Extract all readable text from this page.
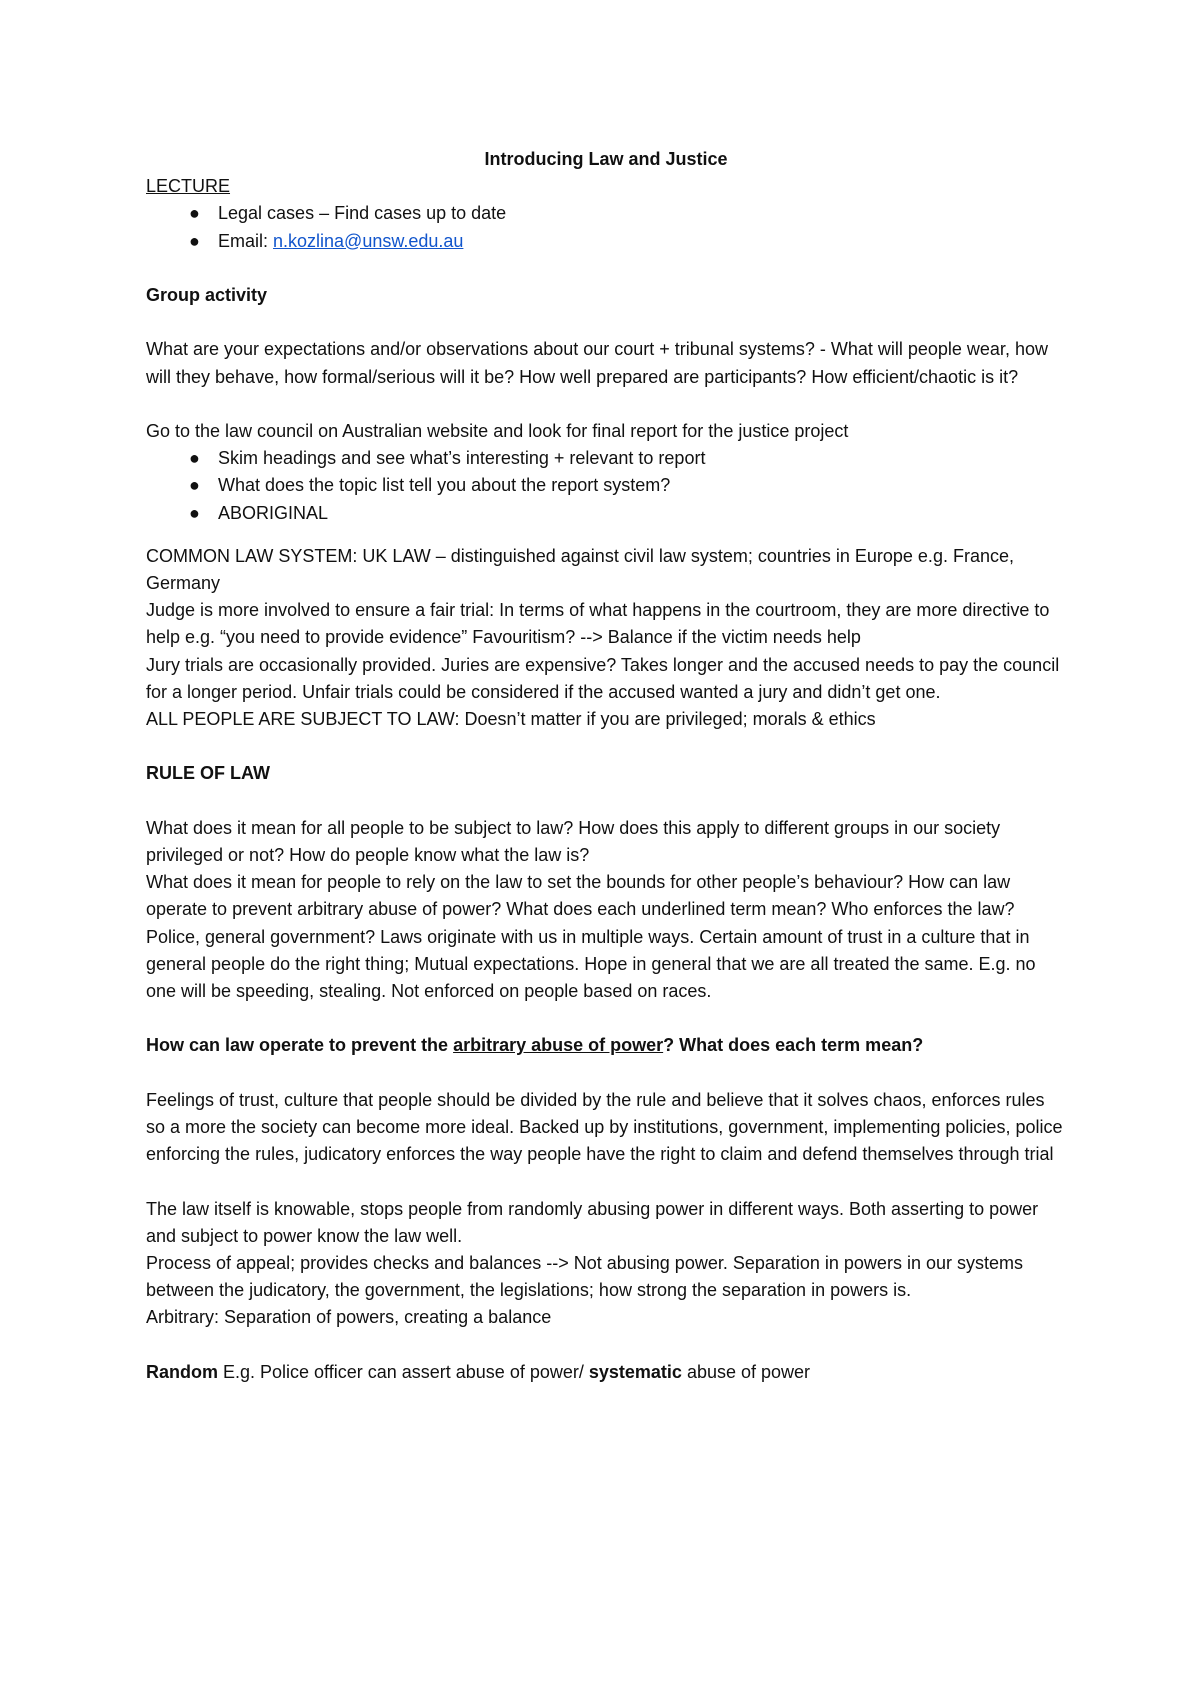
Introducing Law and Justice

LECTURE

● Legal cases – Find cases up to date
● Email: n.kozlina@unsw.edu.au

Group activity

What are your expectations and/or observations about our court + tribunal systems? - What will people wear, how will they behave, how formal/serious will it be? How well prepared are participants? How efficient/chaotic is it?

Go to the law council on Australian website and look for final report for the justice project

● Skim headings and see what’s interesting + relevant to report
● What does the topic list tell you about the report system?
● ABORIGINAL

COMMON LAW SYSTEM: UK LAW – distinguished against civil law system; countries in Europe e.g. France, Germany

Judge is more involved to ensure a fair trial: In terms of what happens in the courtroom, they are more directive to help e.g. “you need to provide evidence” Favouritism? --> Balance if the victim needs help

Jury trials are occasionally provided. Juries are expensive? Takes longer and the accused needs to pay the council for a longer period. Unfair trials could be considered if the accused wanted a jury and didn’t get one.

ALL PEOPLE ARE SUBJECT TO LAW: Doesn’t matter if you are privileged; morals & ethics

RULE OF LAW

What does it mean for all people to be subject to law? How does this apply to different groups in our society privileged or not? How do people know what the law is?

What does it mean for people to rely on the law to set the bounds for other people’s behaviour? How can law operate to prevent arbitrary abuse of power? What does each underlined term mean? Who enforces the law? Police, general government? Laws originate with us in multiple ways. Certain amount of trust in a culture that in general people do the right thing; Mutual expectations. Hope in general that we are all treated the same. E.g. no one will be speeding, stealing. Not enforced on people based on races.

How can law operate to prevent the arbitrary abuse of power? What does each term mean?

Feelings of trust, culture that people should be divided by the rule and believe that it solves chaos, enforces rules so a more the society can become more ideal. Backed up by institutions, government, implementing policies, police enforcing the rules, judicatory enforces the way people have the right to claim and defend themselves through trial

The law itself is knowable, stops people from randomly abusing power in different ways. Both asserting to power and subject to power know the law well.

Process of appeal; provides checks and balances --> Not abusing power. Separation in powers in our systems between the judicatory, the government, the legislations; how strong the separation in powers is.

Arbitrary: Separation of powers, creating a balance

Random E.g. Police officer can assert abuse of power/ systematic abuse of power
